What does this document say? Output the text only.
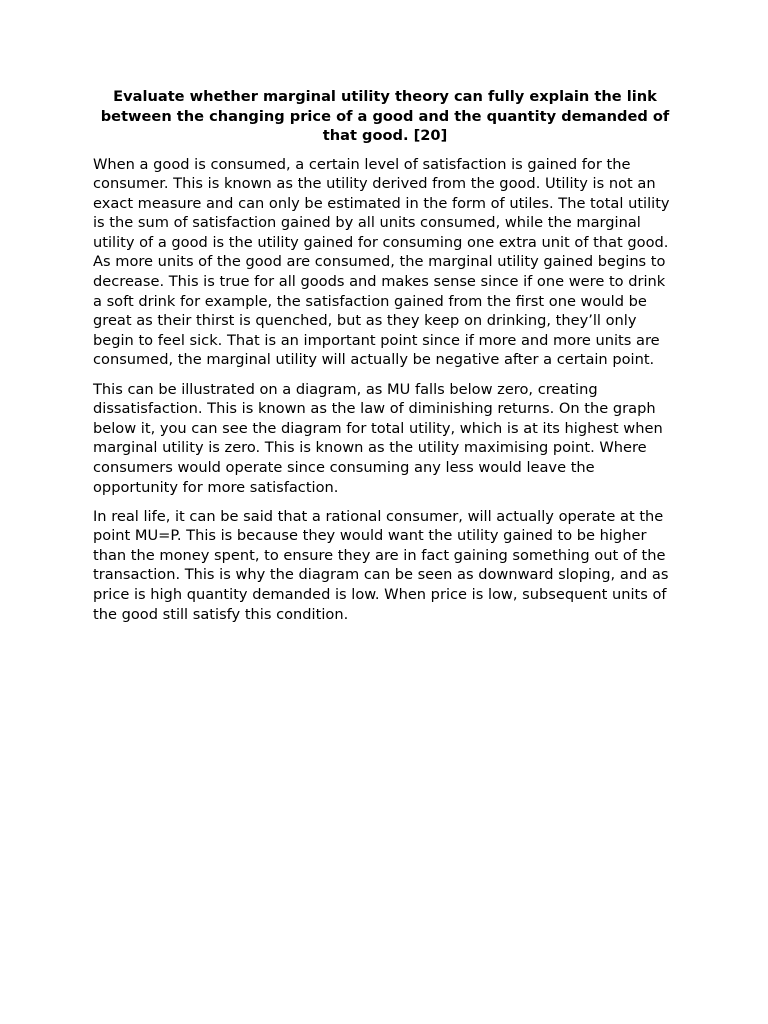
Evaluate whether marginal utility theory can fully explain the link between the changing price of a good and the quantity demanded of that good. [20]

When a good is consumed, a certain level of satisfaction is gained for the consumer. This is known as the utility derived from the good. Utility is not an exact measure and can only be estimated in the form of utiles. The total utility is the sum of satisfaction gained by all units consumed, while the marginal utility of a good is the utility gained for consuming one extra unit of that good. As more units of the good are consumed, the marginal utility gained begins to decrease. This is true for all goods and makes sense since if one were to drink a soft drink for example, the satisfaction gained from the first one would be great as their thirst is quenched, but as they keep on drinking, they’ll only begin to feel sick. That is an important point since if more and more units are consumed, the marginal utility will actually be negative after a certain point.

This can be illustrated on a diagram, as MU falls below zero, creating dissatisfaction. This is known as the law of diminishing returns. On the graph below it, you can see the diagram for total utility, which is at its highest when marginal utility is zero. This is known as the utility maximising point. Where consumers would operate since consuming any less would leave the opportunity for more satisfaction.

In real life, it can be said that a rational consumer, will actually operate at the point MU=P. This is because they would want the utility gained to be higher than the money spent, to ensure they are in fact gaining something out of the transaction. This is why the diagram can be seen as downward sloping, and as price is high quantity demanded is low. When price is low, subsequent units of the good still satisfy this condition.
